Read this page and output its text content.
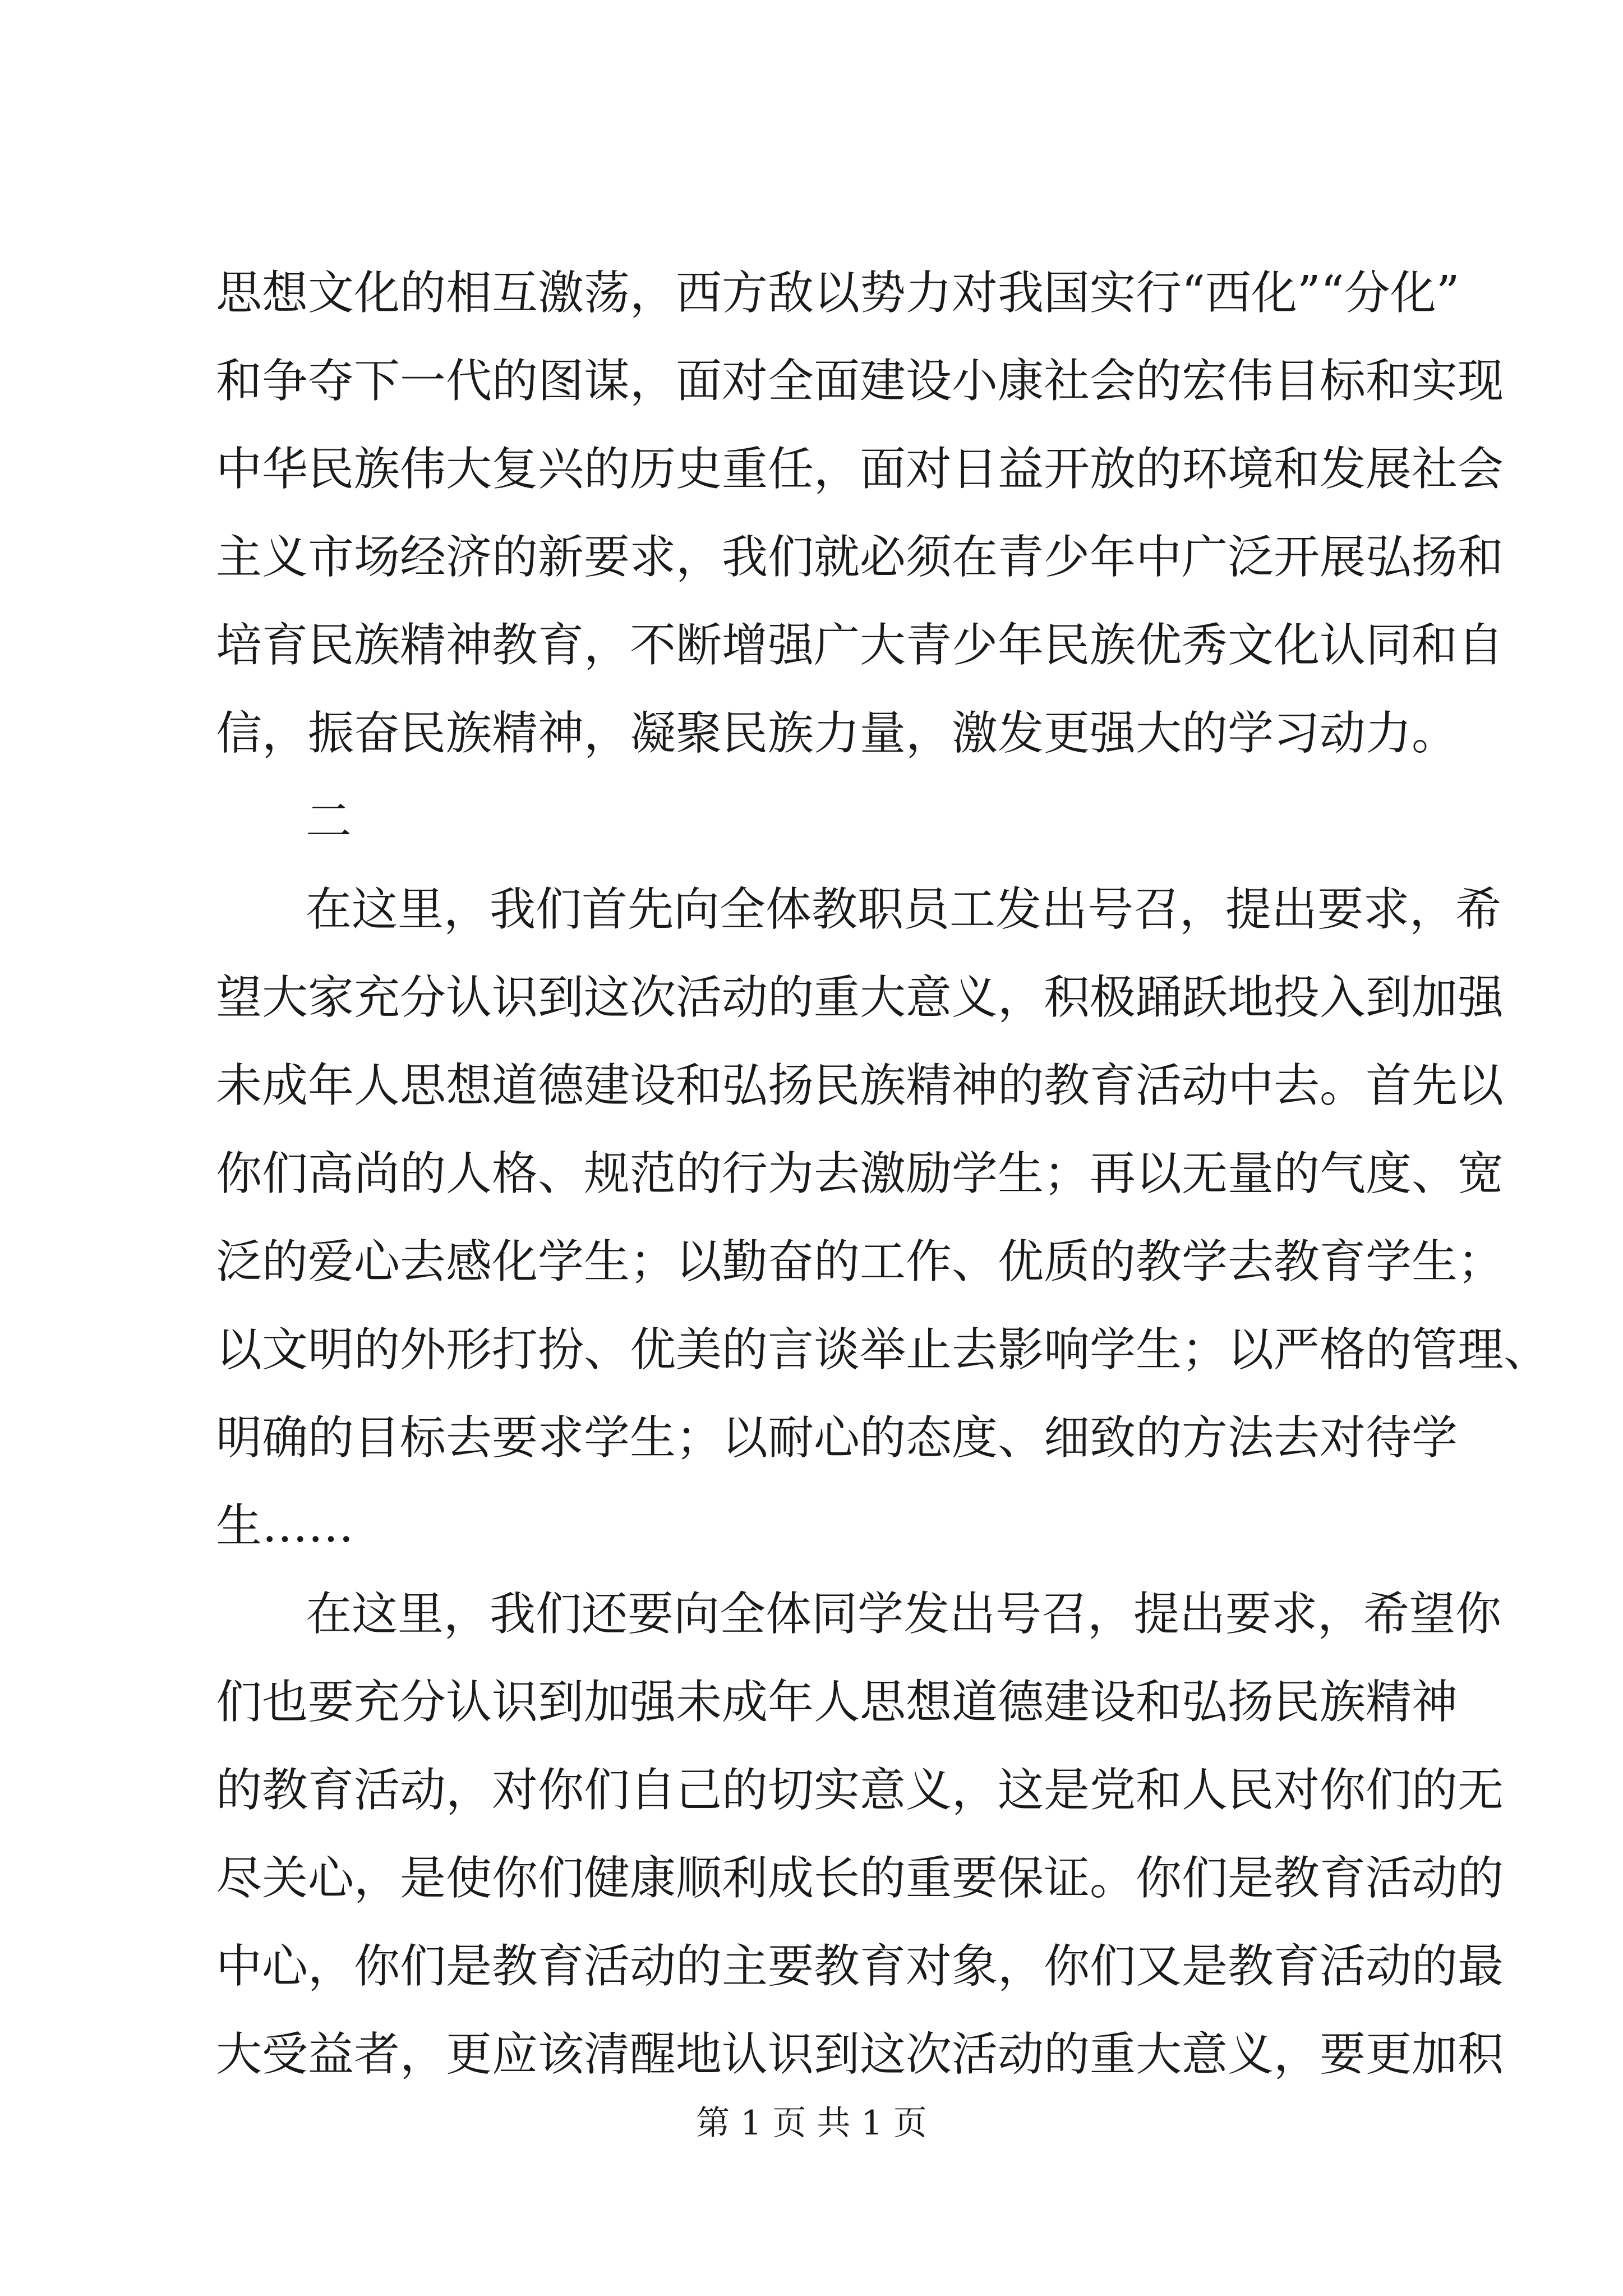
思想文化的相互激荡，西方敌以势力对我国实行“西化”“分化”
和争夺下一代的图谋，面对全面建设小康社会的宏伟目标和实现
中华民族伟大复兴的历史重任，面对日益开放的环境和发展社会
主义市场经济的新要求，我们就必须在青少年中广泛开展弘扬和
培育民族精神教育，不断增强广大青少年民族优秀文化认同和自
信，振奋民族精神，凝聚民族力量，激发更强大的学习动力。
二
在这里，我们首先向全体教职员工发出号召，提出要求，希
望大家充分认识到这次活动的重大意义，积极踊跃地投入到加强
未成年人思想道德建设和弘扬民族精神的教育活动中去。首先以
你们高尚的人格、规范的行为去激励学生；再以无量的气度、宽
泛的爱心去感化学生；以勤奋的工作、优质的教学去教育学生；
以文明的外形打扮、优美的言谈举止去影响学生；以严格的管理、
明确的目标去要求学生；以耐心的态度、细致的方法去对待学
生……
在这里，我们还要向全体同学发出号召，提出要求，希望你
们也要充分认识到加强未成年人思想道德建设和弘扬民族精神
的教育活动，对你们自己的切实意义，这是党和人民对你们的无
尽关心，是使你们健康顺利成长的重要保证。你们是教育活动的
中心，你们是教育活动的主要教育对象，你们又是教育活动的最
大受益者，更应该清醒地认识到这次活动的重大意义，要更加积
第 1 页 共 1 页
